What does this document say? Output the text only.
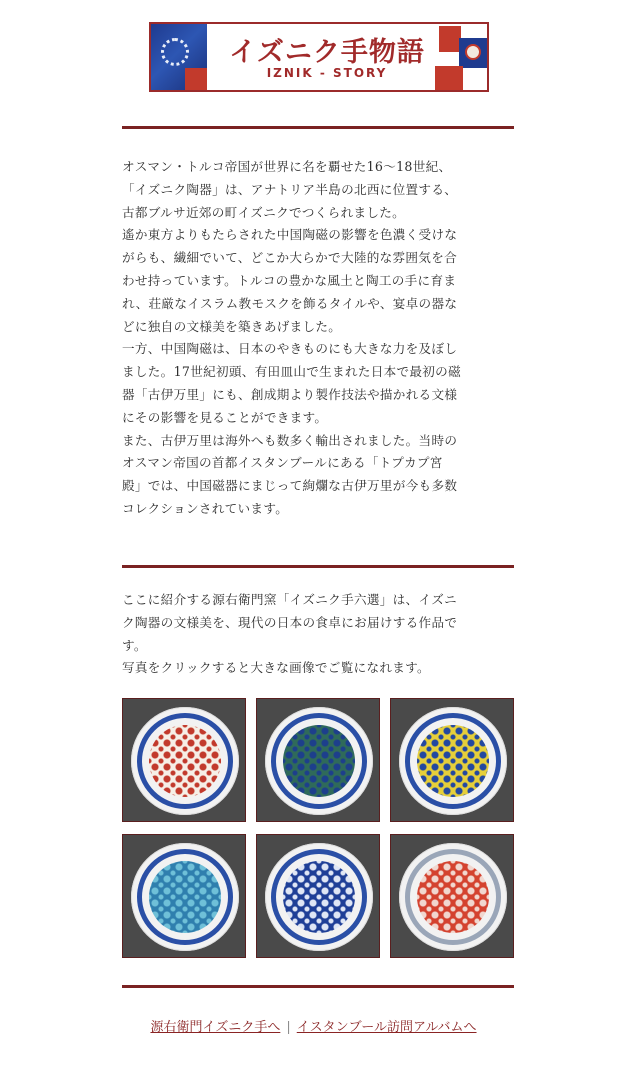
イズニク手物語
IZNIK - STORY

オスマン・トルコ帝国が世界に名を覇せた16〜18世紀、

「イズニク陶器」は、アナトリア半島の北西に位置する、

古都ブルサ近郊の町イズニクでつくられました。

遙か東方よりもたらされた中国陶磁の影響を色濃く受けな

がらも、繊細でいて、どこか大らかで大陸的な雰囲気を合

わせ持っています。トルコの豊かな風土と陶工の手に育ま

れ、荘厳なイスラム教モスクを飾るタイルや、宴卓の器な

どに独自の文様美を築きあげました。

一方、中国陶磁は、日本のやきものにも大きな力を及ぼし

ました。17世紀初頭、有田皿山で生まれた日本で最初の磁

器「古伊万里」にも、創成期より製作技法や描かれる文様

にその影響を見ることができます。

また、古伊万里は海外へも数多く輸出されました。当時の

オスマン帝国の首都イスタンブールにある「トプカプ宮

殿」では、中国磁器にまじって絢爛な古伊万里が今も多数

コレクションされています。

ここに紹介する源右衛門窯「イズニク手六選」は、イズニ

ク陶器の文様美を、現代の日本の食卓にお届けする作品で

す。

写真をクリックすると大きな画像でご覧になれます。

源右衛門イズニク手へ | イスタンブール訪問アルバムへ
